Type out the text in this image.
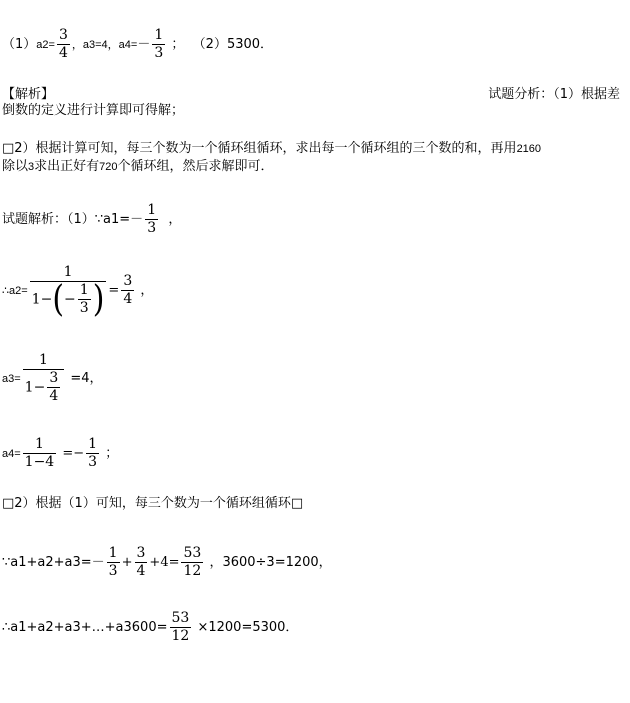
$(1)a2= \frac{3}{4}$ ，a3=4，$a4=- \frac{1}{3}$ ； （2）5300．
【解析】	试题分析：（1）根据差
倒数的定义进行计算即可得解；
□2）根据计算可知，每三个数为一个循环组循环，求出每一个循环组的三个数的和，再用2160
除以3求出正好有720个循环组，然后求解即可．
试题解析：（1）∵a1=－ $\frac{1}{3}$ ，
∴a2= $\frac{1}{1-(- \frac{1}{3} )} = \frac{3}{4}$ ，
$a3= \frac{1}{1- \frac{3}{4}} =4$，
$a4= \frac{1}{1-4} =- \frac{1}{3}$ ；
□2）根据（1）可知，每三个数为一个循环组循环□
∵a1+a2+a3=－ $\frac{1}{3} + \frac{3}{4} +4= \frac{53}{12}$ ，3600÷3=1200，
∴a1+a2+a3+…+a3600= $\frac{53}{12} \times 1200=5300$．
